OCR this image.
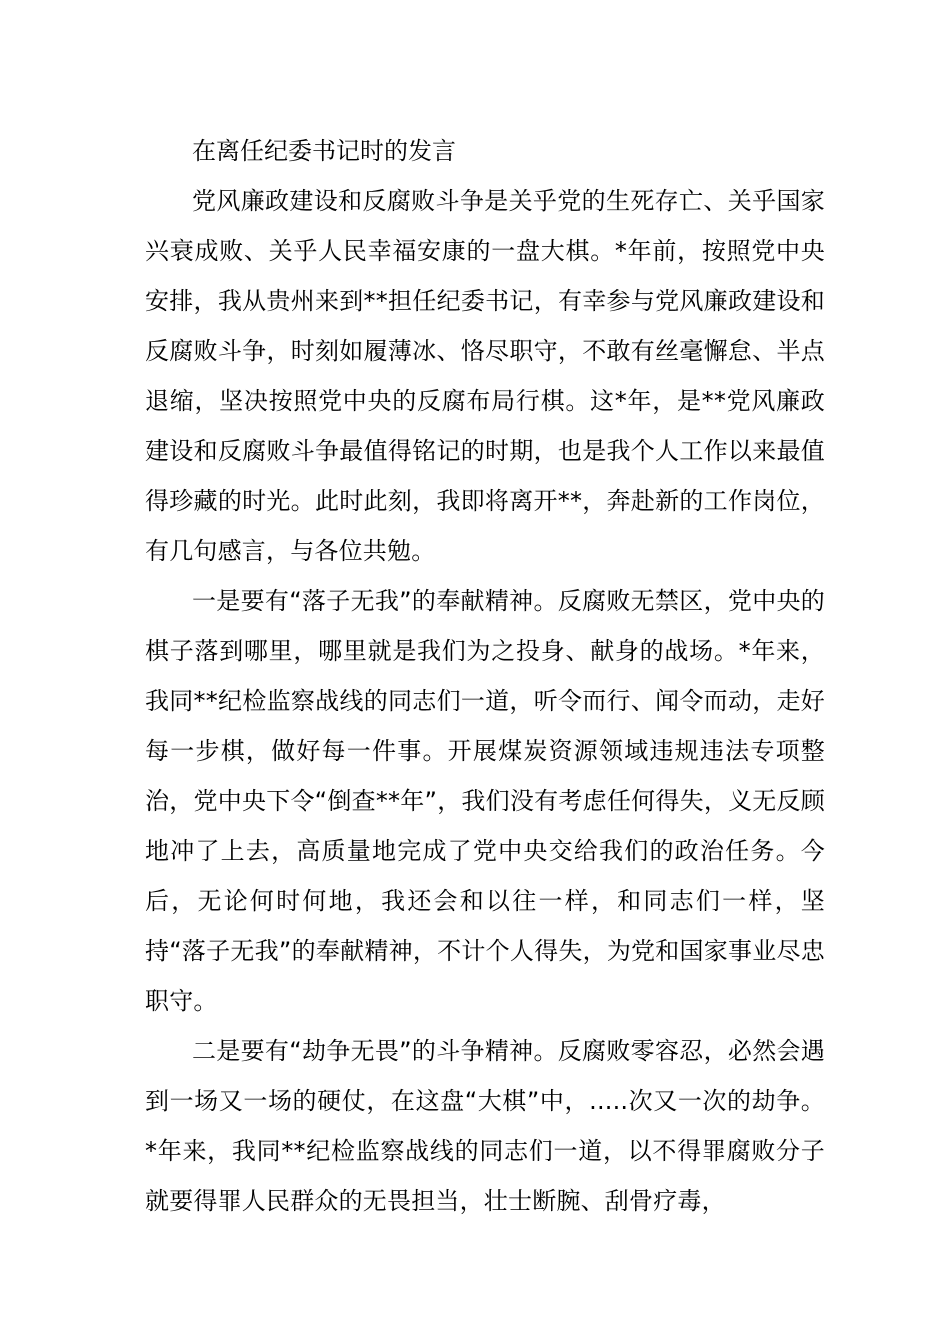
在离任纪委书记时的发言

党风廉政建设和反腐败斗争是关乎党的生死存亡、关乎国家兴衰成败、关乎人民幸福安康的一盘大棋。*年前，按照党中央安排，我从贵州来到**担任纪委书记，有幸参与党风廉政建设和反腐败斗争，时刻如履薄冰、恪尽职守，不敢有丝毫懈怠、半点退缩，坚决按照党中央的反腐布局行棋。这*年，是**党风廉政建设和反腐败斗争最值得铭记的时期，也是我个人工作以来最值得珍藏的时光。此时此刻，我即将离开**，奔赴新的工作岗位，有几句感言，与各位共勉。

一是要有“落子无我”的奉献精神。反腐败无禁区，党中央的棋子落到哪里，哪里就是我们为之投身、献身的战场。*年来，我同**纪检监察战线的同志们一道，听令而行、闻令而动，走好每一步棋，做好每一件事。开展煤炭资源领域违规违法专项整治，党中央下令“倒查**年”，我们没有考虑任何得失，义无反顾地冲了上去，高质量地完成了党中央交给我们的政治任务。今后，无论何时何地，我还会和以往一样，和同志们一样，坚持“落子无我”的奉献精神，不计个人得失，为党和国家事业尽忠职守。

二是要有“劫争无畏”的斗争精神。反腐败零容忍，必然会遇到一场又一场的硬仗，在这盘“大棋”中，.....次又一次的劫争。*年来，我同**纪检监察战线的同志们一道，以不得罪腐败分子就要得罪人民群众的无畏担当，壮士断腕、刮骨疗毒，
